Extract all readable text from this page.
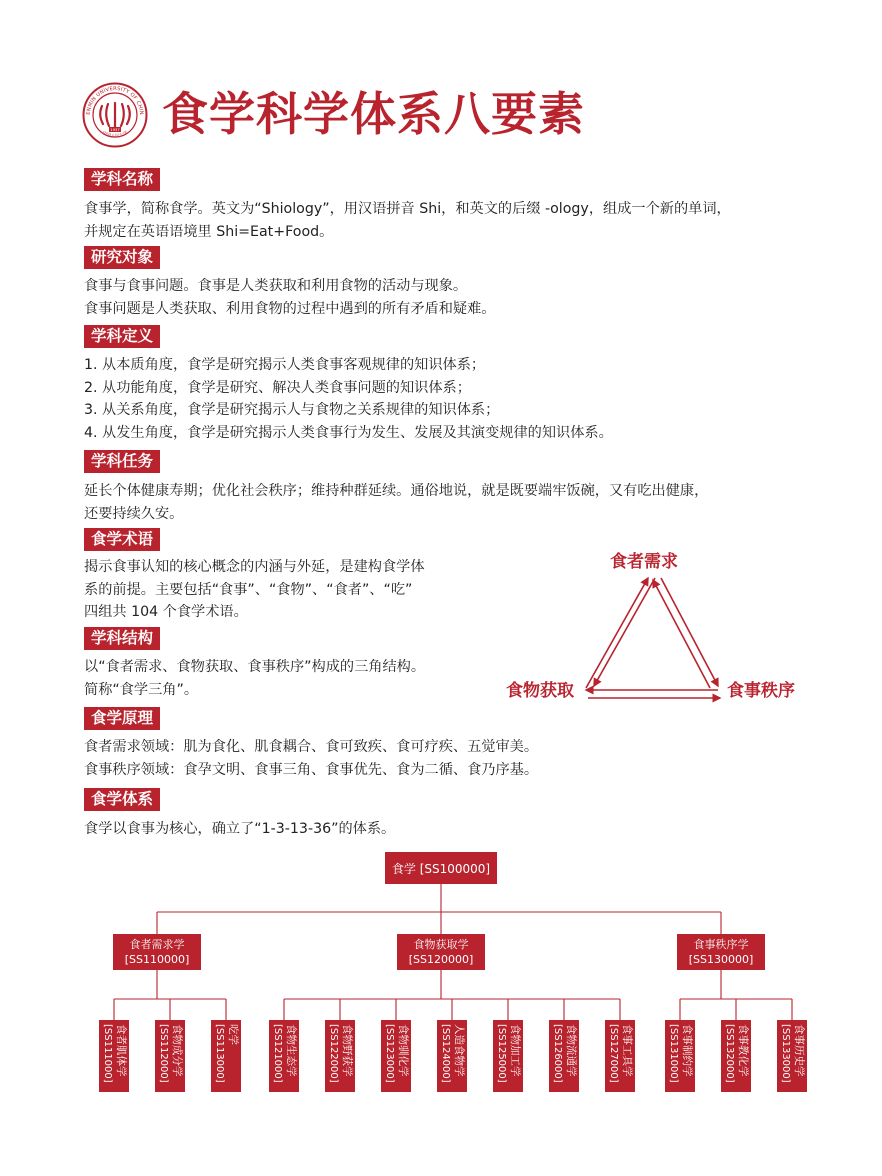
ENMIN UNIVERSITY OF CHIN
中国人民大学
1937 食学科学体系八要素
学科名称
食事学，简称食学。英文为“Shiology”，用汉语拼音 Shi，和英文的后缀 -ology，组成一个新的单词，
并规定在英语语境里 Shi=Eat+Food。
研究对象
食事与食事问题。食事是人类获取和利用食物的活动与现象。
食事问题是人类获取、利用食物的过程中遇到的所有矛盾和疑难。
学科定义
1. 从本质角度，食学是研究揭示人类食事客观规律的知识体系；
2. 从功能角度，食学是研究、解决人类食事问题的知识体系；
3. 从关系角度，食学是研究揭示人与食物之关系规律的知识体系；
4. 从发生角度，食学是研究揭示人类食事行为发生、发展及其演变规律的知识体系。
学科任务
延长个体健康寿期；优化社会秩序；维持种群延续。通俗地说，就是既要端牢饭碗，又有吃出健康，
还要持续久安。
食学术语
揭示食事认知的核心概念的内涵与外延，是建构食学体
系的前提。主要包括“食事”、“食物”、“食者”、“吃”
四组共 104 个食学术语。
学科结构
以“食者需求、食物获取、食事秩序”构成的三角结构。
简称“食学三角”。
食学原理
食者需求领域：肌为食化、肌食耦合、食可致疾、食可疗疾、五觉审美。
食事秩序领域：食孕文明、食事三角、食事优先、食为二循、食乃序基。
食学体系
食学以食事为核心，确立了“1-3-13-36”的体系。
食者需求
食物获取	食事秩序
食学 [SS100000]
食者需求学
[SS110000]
食者肌体学
[SS111000]	食物成分学
[SS112000]	吃学
[SS113000]
食物获取学
[SS120000]
食物生态学
[SS121000]	食物野获学
[SS122000]	食物驯化学
[SS123000]	人造食物学
[SS124000]	食物加工学
[SS125000]	食物流通学
[SS126000]	食事工具学
[SS127000]
食事秩序学
[SS130000]
食事制约学
[SS131000]	食事教化学
[SS132000]	食事历史学
[SS133000]
